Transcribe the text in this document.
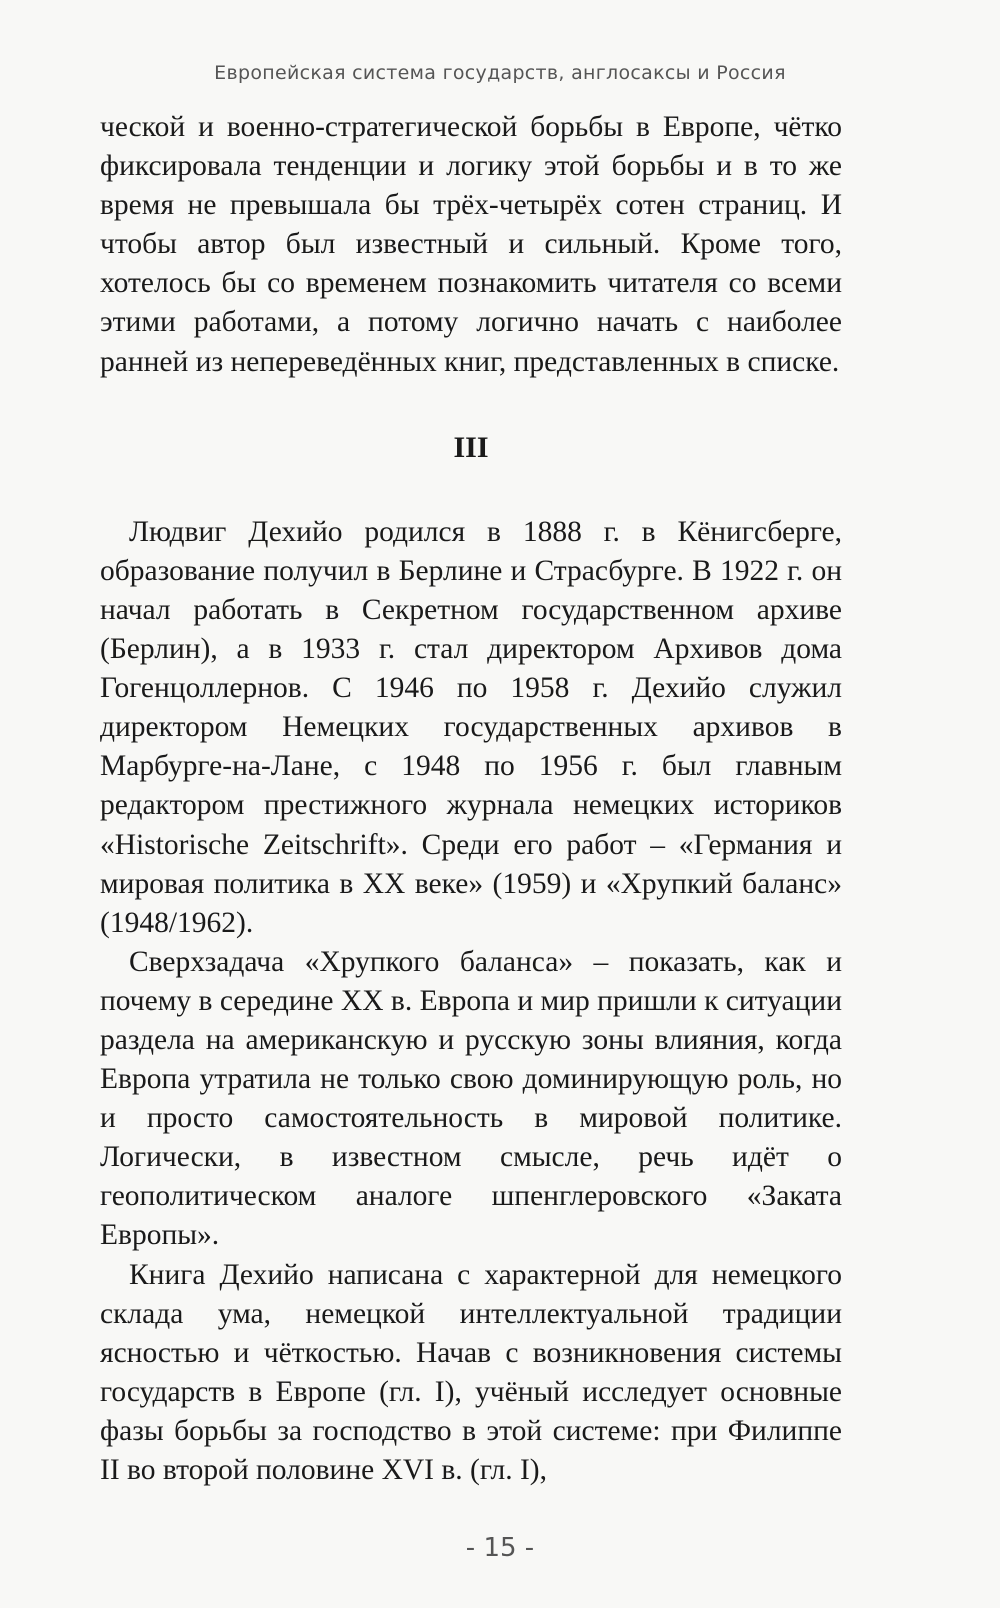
Европейская система государств, англосаксы и Россия

ческой и военно-стратегической борьбы в Европе, чётко фиксировала тенденции и логику этой борьбы и в то же время не превышала бы трёх-четырёх сотен страниц. И чтобы автор был известный и сильный. Кроме того, хотелось бы со временем познакомить читателя со всеми этими работами, а потому логично начать с наиболее ранней из непереведённых книг, представленных в списке.

III

Людвиг Дехийо родился в 1888 г. в Кёнигсберге, образование получил в Берлине и Страсбурге. В 1922 г. он начал работать в Секретном государственном архиве (Берлин), а в 1933 г. стал директором Архивов дома Гогенцоллернов. С 1946 по 1958 г. Дехийо служил директором Немецких государственных архивов в Марбурге-на-Лане, с 1948 по 1956 г. был главным редактором престижного журнала немецких историков «Historische Zeitschrift». Среди его работ – «Германия и мировая политика в XX веке» (1959) и «Хрупкий баланс» (1948/1962).

Сверхзадача «Хрупкого баланса» – показать, как и почему в середине XX в. Европа и мир пришли к ситуации раздела на американскую и русскую зоны влияния, когда Европа утратила не только свою доминирующую роль, но и просто самостоятельность в мировой политике. Логически, в известном смысле, речь идёт о геополитическом аналоге шпенглеровского «Заката Европы».

Книга Дехийо написана с характерной для немецкого склада ума, немецкой интеллектуальной традиции ясностью и чёткостью. Начав с возникновения системы государств в Европе (гл. I), учёный исследует основные фазы борьбы за господство в этой системе: при Филиппе II во второй половине XVI в. (гл. I),

- 15 -
